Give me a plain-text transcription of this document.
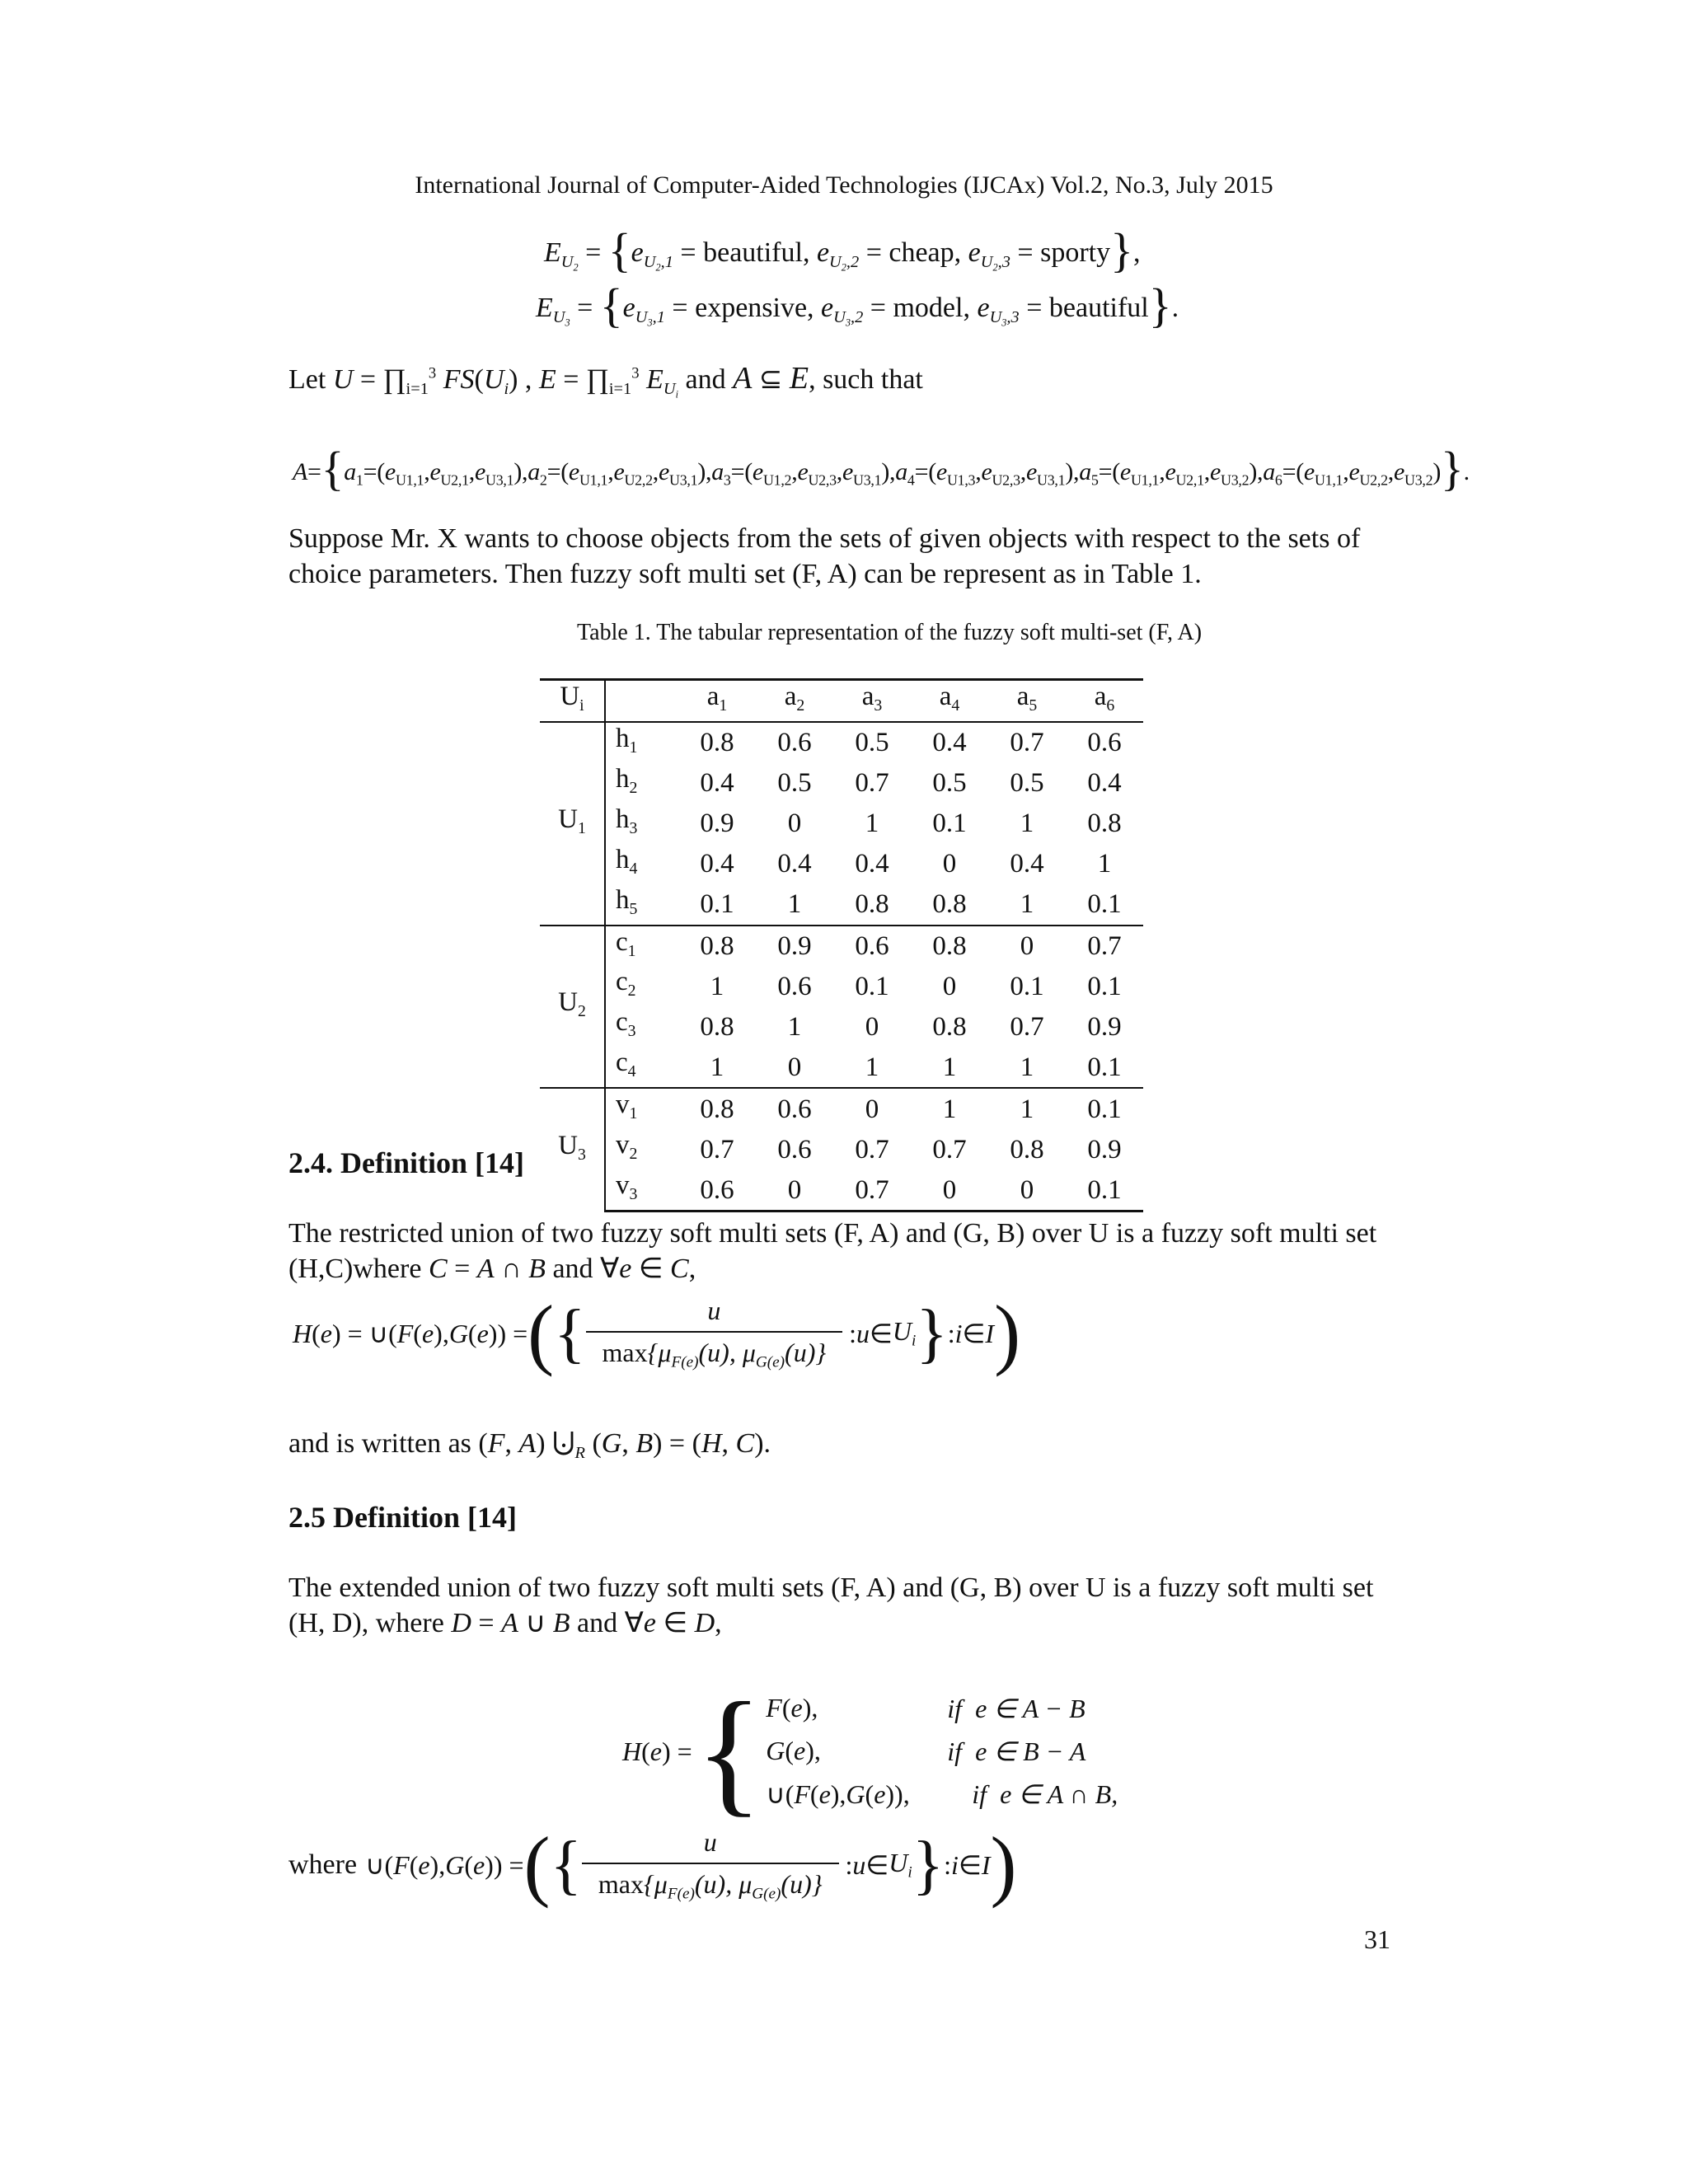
International Journal of Computer-Aided Technologies (IJCAx) Vol.2, No.3, July 2015
$E_{U_2} = \{e_{U_2,1}$ = beautiful, $e_{U_2,2}$ = cheap, $e_{U_2,3}$ = sporty},
$E_{U_3} = \{e_{U_3,1}$ = expensive, $e_{U_3,2}$ = model, $e_{U_3,3}$ = beautiful}.
Let $U = \prod_{i=1}^3$ $FS(U_i)$ , $E = \prod_{i=1}^3$ $E_{U_i}$ and A ⊆ E, such that
$A=\{a_1=(e_{U1,1},e_{U2,1},e_{U3,1}),a_2=(e_{U1,1},e_{U2,2},e_{U3,1}),a_3=(e_{U1,2},e_{U2,3},e_{U3,1}),a_4=(e_{U1,3},e_{U2,3},e_{U3,1}),a_5=(e_{U1,1},e_{U2,1},e_{U3,2}),a_6=(e_{U1,1},e_{U2,2},e_{U3,2})\}$.
Suppose Mr. X wants to choose objects from the sets of given objects with respect to the sets of choice parameters. Then fuzzy soft multi set (F, A) can be represent as in Table 1.
Table 1. The tabular representation of the fuzzy soft multi-set (F, A)
$U_i$		$a_1$	$a_2$	$a_3$	$a_4$	$a_5$	$a_6$
$U_1$	$h_1$	0.8	0.6	0.5	0.4	0.7	0.6
	$h_2$	0.4	0.5	0.7	0.5	0.5	0.4
	$h_3$	0.9	0	1	0.1	1	0.8
	$h_4$	0.4	0.4	0.4	0	0.4	1
	$h_5$	0.1	1	0.8	0.8	1	0.1
$U_2$	$c_1$	0.8	0.9	0.6	0.8	0	0.7
	$c_2$	1	0.6	0.1	0	0.1	0.1
	$c_3$	0.8	1	0	0.8	0.7	0.9
	$c_4$	1	0	1	1	1	0.1
$U_3$	$v_1$	0.8	0.6	0	1	1	0.1
	$v_2$	0.7	0.6	0.7	0.7	0.8	0.9
	$v_3$	0.6	0	0.7	0	0	0.1
2.4. Definition [14]
The restricted union of two fuzzy soft multi sets (F, A) and (G, B) over U is a fuzzy soft multi set
(H,C)where C = A ∩ B and ∀e ∈ C,
H ( e ) = ∪( F ( e ), G ( e )) = ( { $\frac{u}{\max\{\mu_{F(e)}(u), \mu_{G(e)}(u)\}}$ : u ∈ $U_i$ } : i ∈ I )
and is written as (F, A) $⨃_R$ (G, B) = (H, C).
2.5 Definition [14]
The extended union of two fuzzy soft multi sets (F, A) and (G, B) over U is a fuzzy soft multi set
(H, D), where D = A ∪ B and ∀e ∈ D,
H(e) = { F(e),	if  e ∈ A − B
G(e),	if  e ∈ B − A
∪(F(e),G(e)),	if  e ∈ A ∩ B,
where ∪( F ( e ), G ( e )) = ( { $\frac{u}{\max\{\mu_{F(e)}(u), \mu_{G(e)}(u)\}}$ : u ∈ $U_i$ } : i ∈ I )
31
